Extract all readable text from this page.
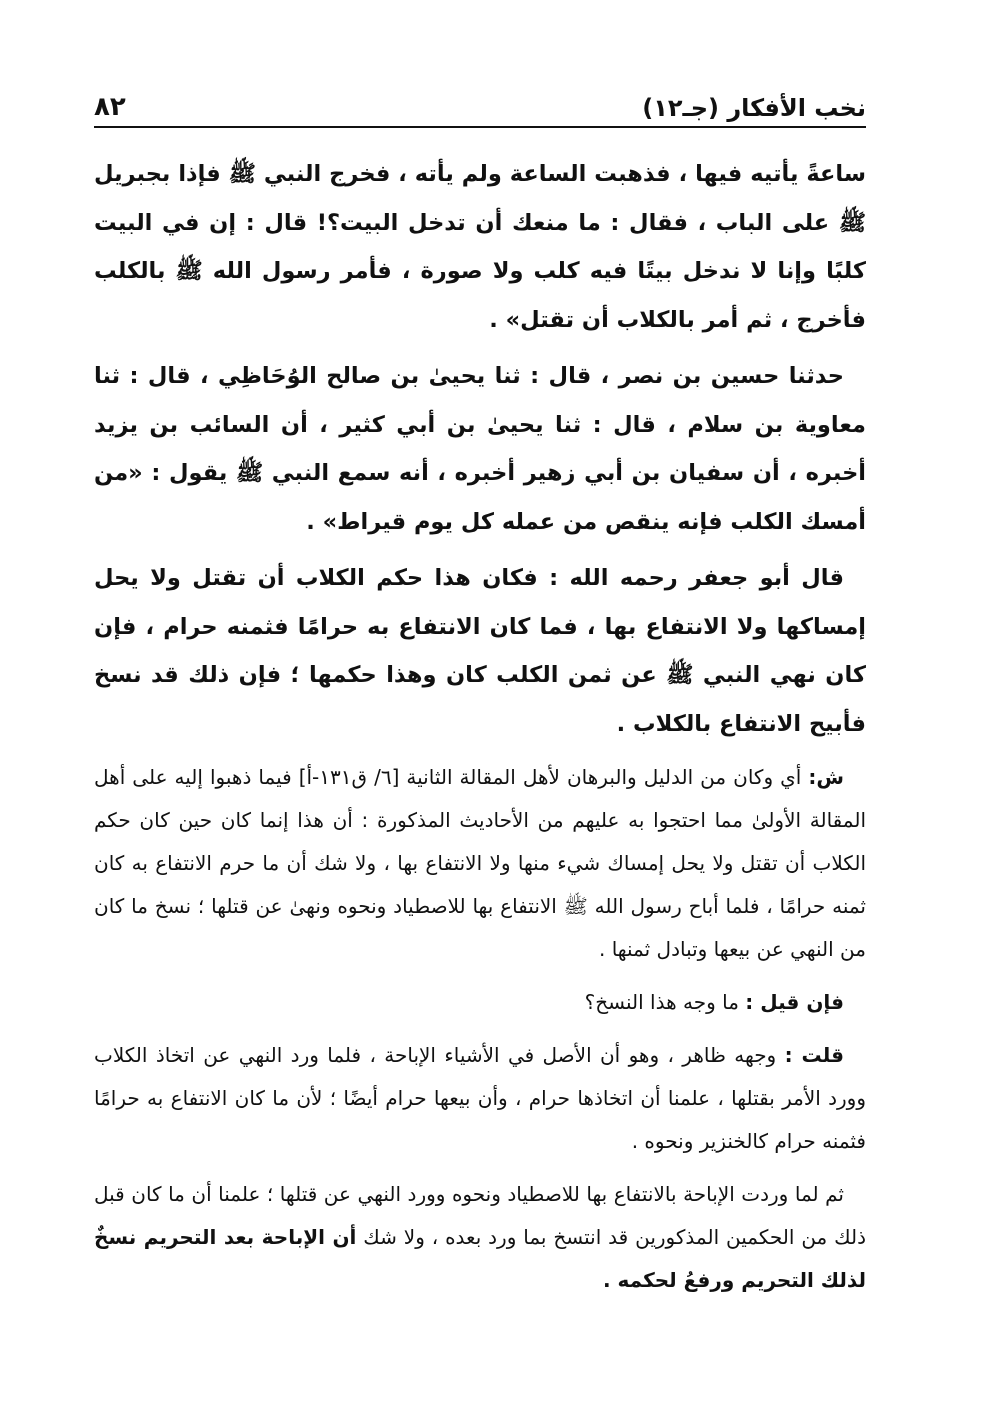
نخب الأفكار (جـ١٢)
٨٢

ساعةً يأتيه فيها ، فذهبت الساعة ولم يأته ، فخرج النبي ﷺ فإذا بجبريل ﷺ على الباب ، فقال : ما منعك أن تدخل البيت؟! قال : إن في البيت كلبًا وإنا لا ندخل بيتًا فيه كلب ولا صورة ، فأمر رسول الله ﷺ بالكلب فأخرج ، ثم أمر بالكلاب أن تقتل» .

حدثنا حسين بن نصر ، قال : ثنا يحيىٰ بن صالح الوُحَاظِي ، قال : ثنا معاوية بن سلام ، قال : ثنا يحيىٰ بن أبي كثير ، أن السائب بن يزيد أخبره ، أن سفيان بن أبي زهير أخبره ، أنه سمع النبي ﷺ يقول : «من أمسك الكلب فإنه ينقص من عمله كل يوم قيراط» .

قال أبو جعفر رحمه الله : فكان هذا حكم الكلاب أن تقتل ولا يحل إمساكها ولا الانتفاع بها ، فما كان الانتفاع به حرامًا فثمنه حرام ، فإن كان نهي النبي ﷺ عن ثمن الكلب كان وهذا حكمها ؛ فإن ذلك قد نسخ فأبيح الانتفاع بالكلاب .

ش: أي وكان من الدليل والبرهان لأهل المقالة الثانية [٦/ ق١٣١-أ] فيما ذهبوا إليه على أهل المقالة الأولىٰ مما احتجوا به عليهم من الأحاديث المذكورة : أن هذا إنما كان حين كان حكم الكلاب أن تقتل ولا يحل إمساك شيء منها ولا الانتفاع بها ، ولا شك أن ما حرم الانتفاع به كان ثمنه حرامًا ، فلما أباح رسول الله ﷺ الانتفاع بها للاصطياد ونحوه ونهىٰ عن قتلها ؛ نسخ ما كان من النهي عن بيعها وتبادل ثمنها .

فإن قيل : ما وجه هذا النسخ؟

قلت : وجهه ظاهر ، وهو أن الأصل في الأشياء الإباحة ، فلما ورد النهي عن اتخاذ الكلاب وورد الأمر بقتلها ، علمنا أن اتخاذها حرام ، وأن بيعها حرام أيضًا ؛ لأن ما كان الانتفاع به حرامًا فثمنه حرام كالخنزير ونحوه .

ثم لما وردت الإباحة بالانتفاع بها للاصطياد ونحوه وورد النهي عن قتلها ؛ علمنا أن ما كان قبل ذلك من الحكمين المذكورين قد انتسخ بما ورد بعده ، ولا شك أن الإباحة بعد التحريم نسخٌ لذلك التحريم ورفعُ لحكمه .
